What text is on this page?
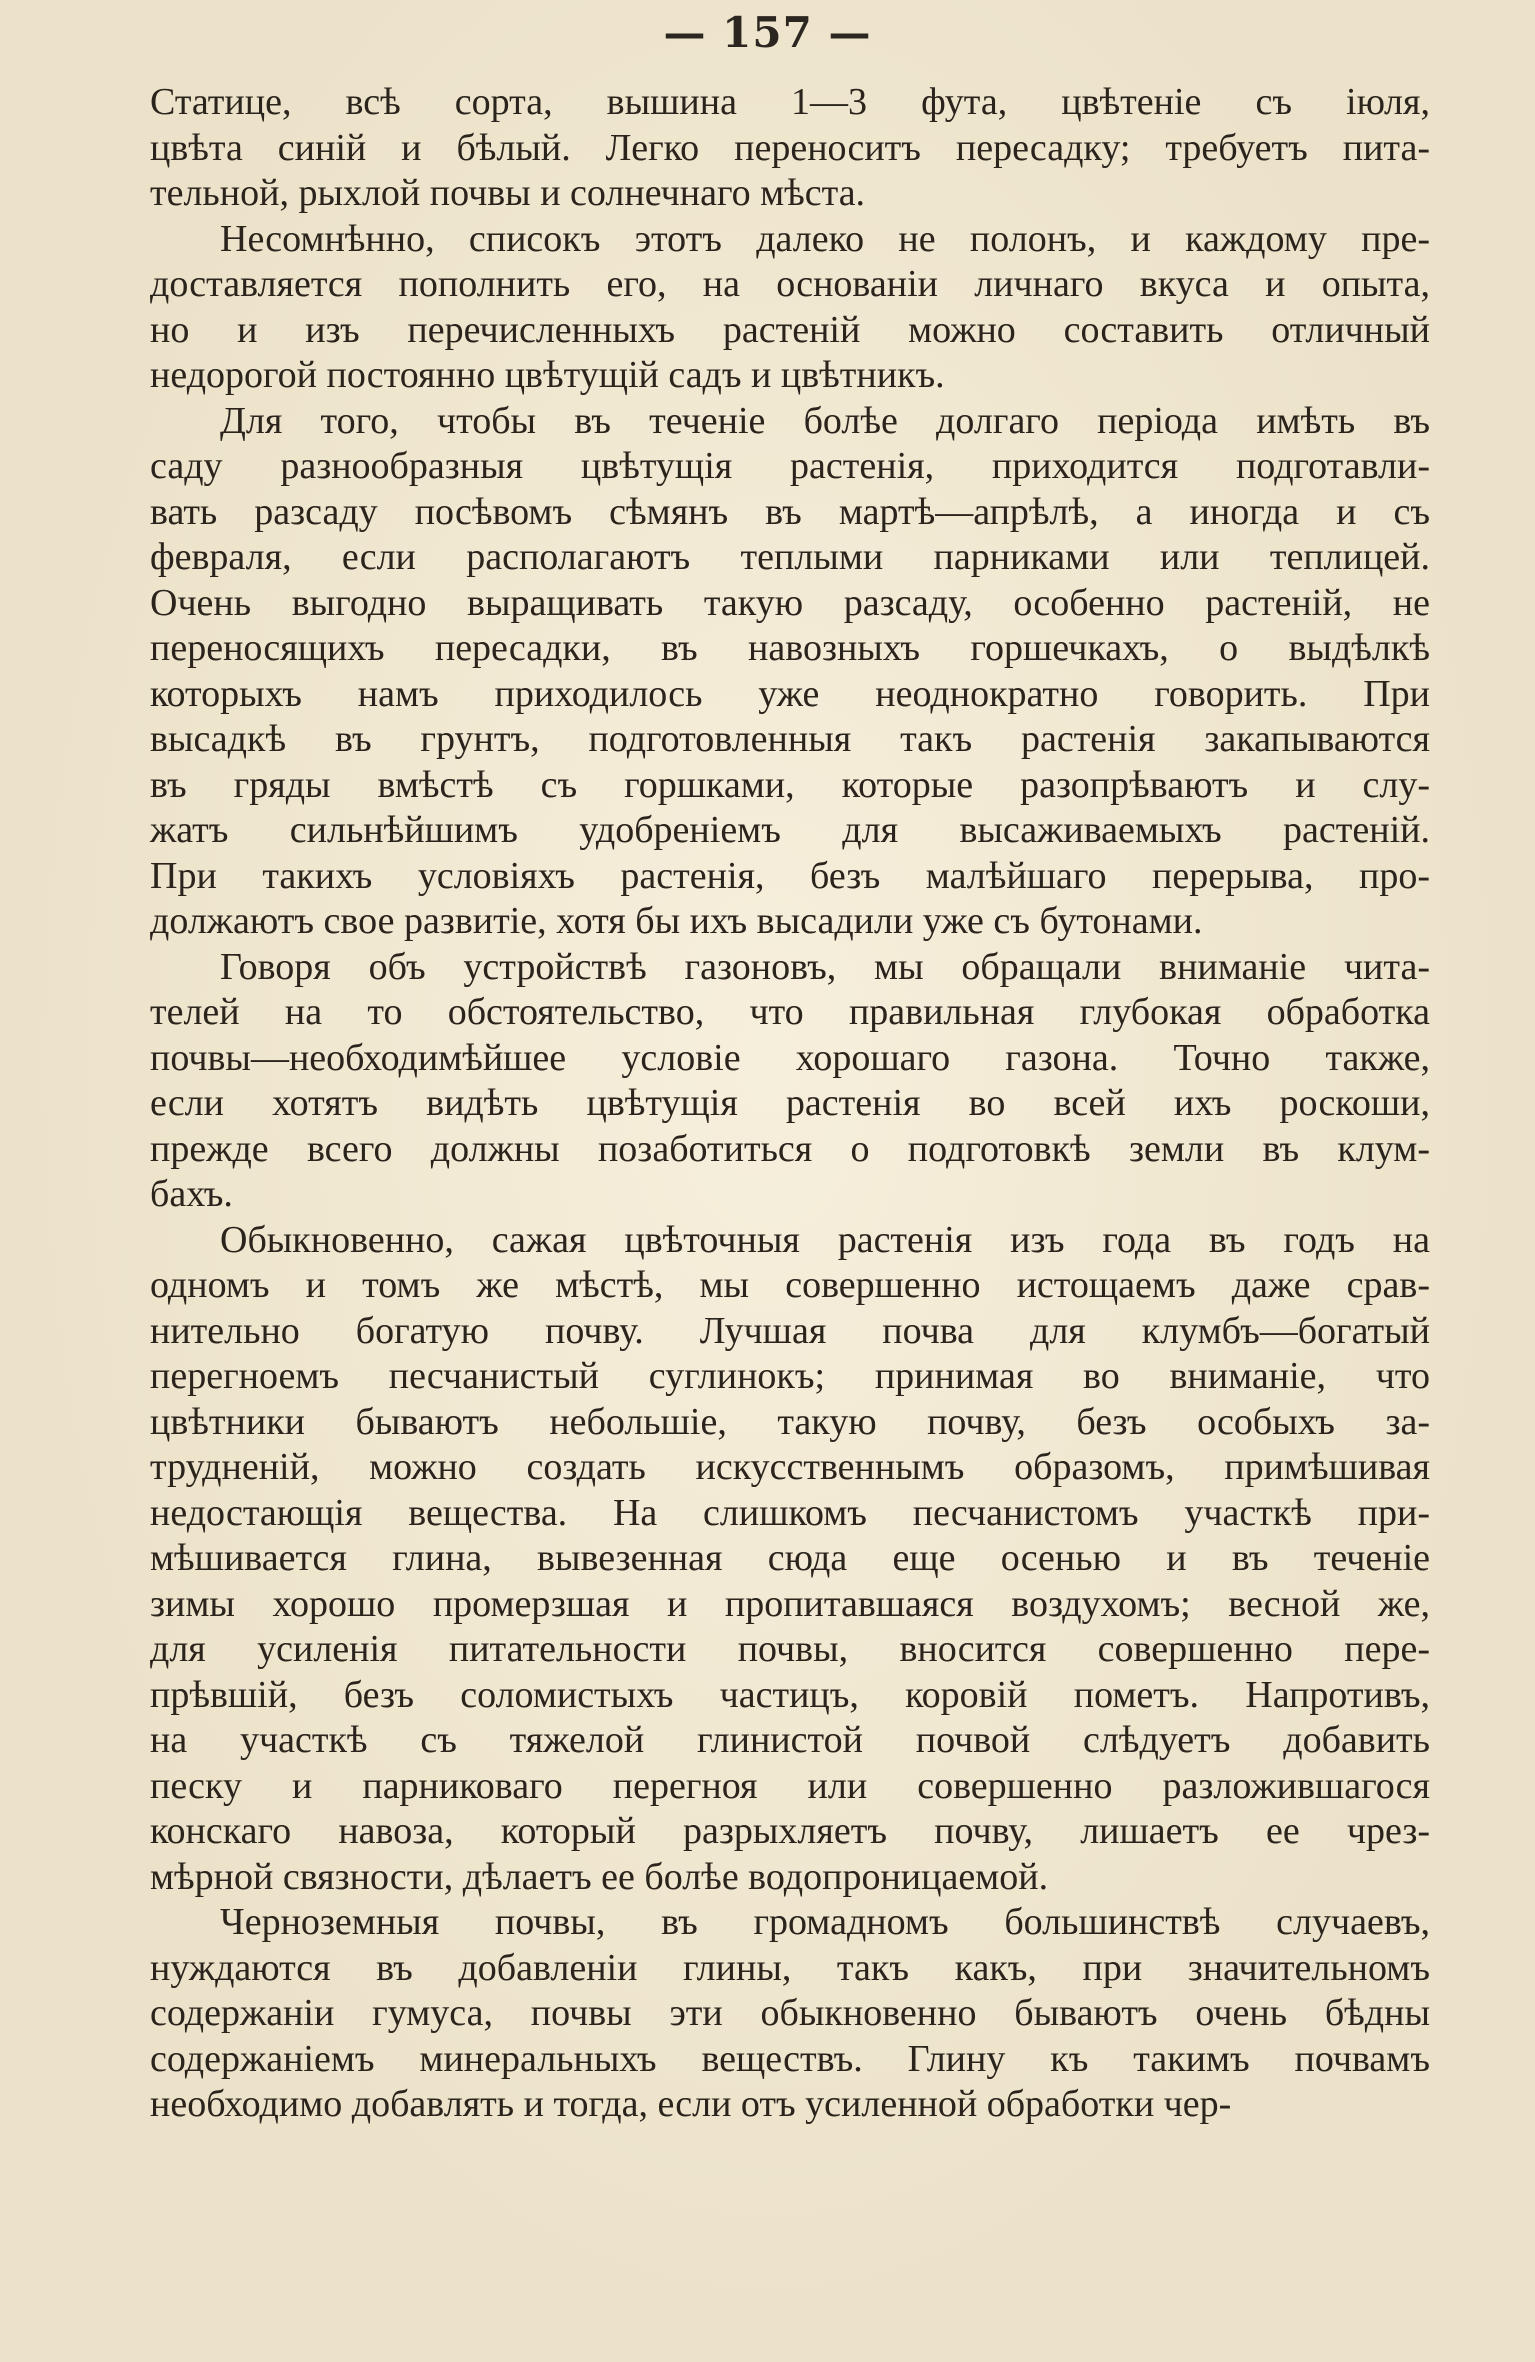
— 157 —
Статице, всѣ сорта, вышина 1—3 фута, цвѣтеніе съ іюля,
цвѣта синій и бѣлый. Легко переноситъ пересадку; требуетъ пита-
тельной, рыхлой почвы и солнечнаго мѣста.
Несомнѣнно, списокъ этотъ далеко не полонъ, и каждому пре-
доставляется пополнить его, на основаніи личнаго вкуса и опыта,
но и изъ перечисленныхъ растеній можно составить отличный
недорогой постоянно цвѣтущій садъ и цвѣтникъ.
Для того, чтобы въ теченіе болѣе долгаго періода имѣть въ
саду разнообразныя цвѣтущія растенія, приходится подготавли-
вать разсаду посѣвомъ сѣмянъ въ мартѣ—апрѣлѣ, а иногда и съ
февраля, если располагаютъ теплыми парниками или теплицей.
Очень выгодно выращивать такую разсаду, особенно растеній, не
переносящихъ пересадки, въ навозныхъ горшечкахъ, о выдѣлкѣ
которыхъ намъ приходилось уже неоднократно говорить. При
высадкѣ въ грунтъ, подготовленныя такъ растенія закапываются
въ гряды вмѣстѣ съ горшками, которые разопрѣваютъ и слу-
жатъ сильнѣйшимъ удобреніемъ для высаживаемыхъ растеній.
При такихъ условіяхъ растенія, безъ малѣйшаго перерыва, про-
должаютъ свое развитіе, хотя бы ихъ высадили уже съ бутонами.
Говоря объ устройствѣ газоновъ, мы обращали вниманіе чита-
телей на то обстоятельство, что правильная глубокая обработка
почвы—необходимѣйшее условіе хорошаго газона. Точно также,
если хотятъ видѣть цвѣтущія растенія во всей ихъ роскоши,
прежде всего должны позаботиться о подготовкѣ земли въ клум-
бахъ.
Обыкновенно, сажая цвѣточныя растенія изъ года въ годъ на
одномъ и томъ же мѣстѣ, мы совершенно истощаемъ даже срав-
нительно богатую почву. Лучшая почва для клумбъ—богатый
перегноемъ песчанистый суглинокъ; принимая во вниманіе, что
цвѣтники бываютъ небольшіе, такую почву, безъ особыхъ за-
трудненій, можно создать искусственнымъ образомъ, примѣшивая
недостающія вещества. На слишкомъ песчанистомъ участкѣ при-
мѣшивается глина, вывезенная сюда еще осенью и въ теченіе
зимы хорошо промерзшая и пропитавшаяся воздухомъ; весной же,
для усиленія питательности почвы, вносится совершенно пере-
прѣвшій, безъ соломистыхъ частицъ, коровій пометъ. Напротивъ,
на участкѣ съ тяжелой глинистой почвой слѣдуетъ добавить
песку и парниковаго перегноя или совершенно разложившагося
конскаго навоза, который разрыхляетъ почву, лишаетъ ее чрез-
мѣрной связности, дѣлаетъ ее болѣе водопроницаемой.
Черноземныя почвы, въ громадномъ большинствѣ случаевъ,
нуждаются въ добавленіи глины, такъ какъ, при значительномъ
содержаніи гумуса, почвы эти обыкновенно бываютъ очень бѣдны
содержаніемъ минеральныхъ веществъ. Глину къ такимъ почвамъ
необходимо добавлять и тогда, если отъ усиленной обработки чер-
